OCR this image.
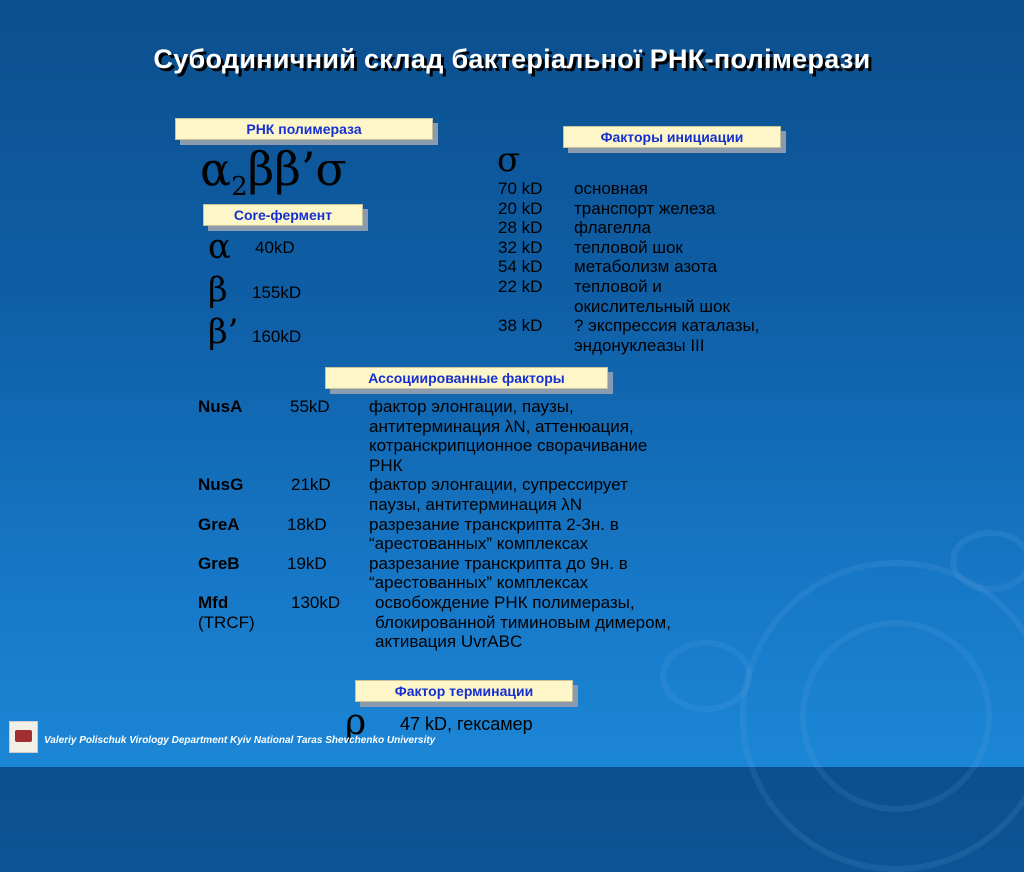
Субодиничний склад бактеріальної РНК-полімерази
РНК полимераза
$\alpha_2\beta\beta’\sigma$
Core-фермент
α 40kD
β 155kD
β’ 160kD
Факторы инициации
σ
70 kD основная
20 kD транспорт железа
28 kD флагелла
32 kD тепловой шок
54 kD метаболизм азота
22 kD тепловой и
окислительный шок
38 kD ? экспрессия каталазы,
эндонуклеазы III
Ассоциированные факторы
NusA	55kD фактор элонгации, паузы,
антитерминация λN, аттенюация,
котранскрипционное сворачивание
РНК
NusG	21kD фактор элонгации, супрессирует
паузы, антитерминация λN
GreA	18kD разрезание транскрипта 2-3н. в
“арестованных” комплексах
GreB	19kD разрезание транскрипта до 9н. в
“арестованных” комплексах
Mfd	130kD освобождение РНК полимеразы,
(TRCF)	блокированной тиминовым димером,
активация UvrABC
Фактор терминации
ρ 47 kD, гексамер
Valeriy Polischuk Virology Department Kyiv National Taras Shevchenko University
